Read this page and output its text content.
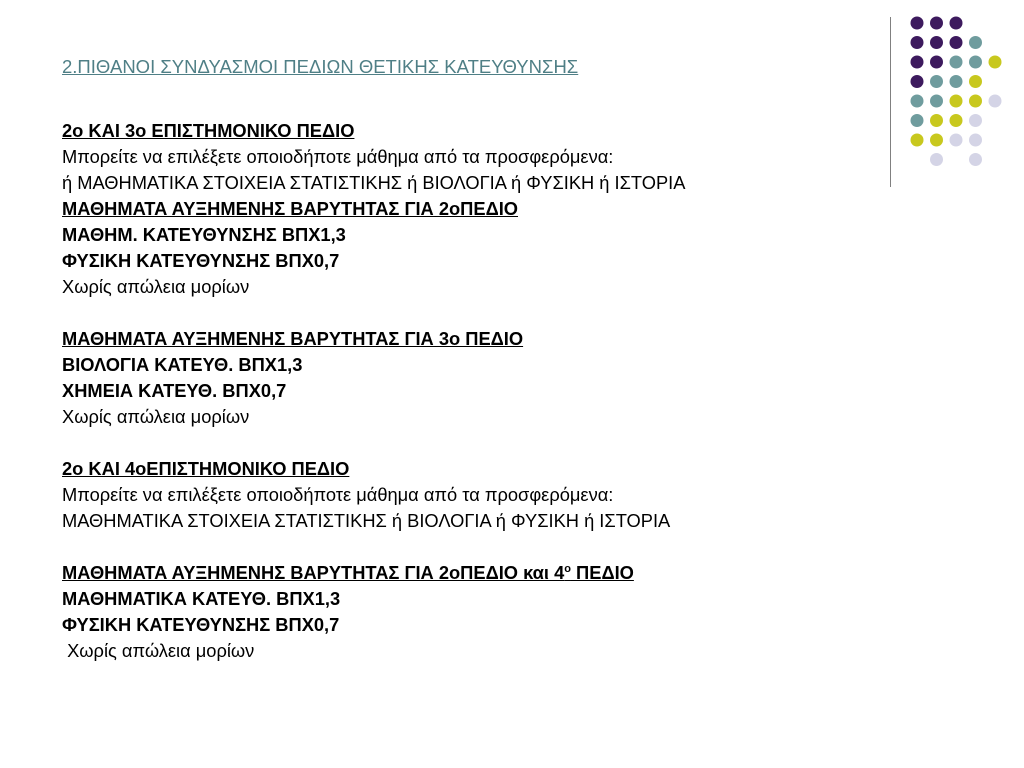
2.ΠΙΘΑΝΟΙ ΣΥΝΔΥΑΣΜΟΙ ΠΕΔΙΩΝ ΘΕΤΙΚΗΣ ΚΑΤΕΥΘΥΝΣΗΣ
2ο ΚΑΙ 3ο ΕΠΙΣΤΗΜΟΝΙΚΟ ΠΕΔΙΟ
Μπορείτε να επιλέξετε οποιοδήποτε μάθημα από τα προσφερόμενα:
ή ΜΑΘΗΜΑΤΙΚΑ ΣΤΟΙΧΕΙΑ ΣΤΑΤΙΣΤΙΚΗΣ ή ΒΙΟΛΟΓΙΑ ή ΦΥΣΙΚΗ ή ΙΣΤΟΡΙΑ
ΜΑΘΗΜΑΤΑ ΑΥΞΗΜΕΝΗΣ ΒΑΡΥΤΗΤΑΣ ΓΙΑ 2οΠΕΔΙΟ
ΜΑΘΗΜ. ΚΑΤΕΥΘΥΝΣΗΣ ΒΠΧ1,3
ΦΥΣΙΚΗ ΚΑΤΕΥΘΥΝΣΗΣ ΒΠΧ0,7
Χωρίς απώλεια μορίων
ΜΑΘΗΜΑΤΑ ΑΥΞΗΜΕΝΗΣ ΒΑΡΥΤΗΤΑΣ ΓΙΑ 3ο ΠΕΔΙΟ
ΒΙΟΛΟΓΙΑ ΚΑΤΕΥΘ. ΒΠΧ1,3
ΧΗΜΕΙΑ ΚΑΤΕΥΘ. ΒΠΧ0,7
Χωρίς απώλεια μορίων
2ο ΚΑΙ 4οΕΠΙΣΤΗΜΟΝΙΚΟ ΠΕΔΙΟ
Μπορείτε να επιλέξετε οποιοδήποτε μάθημα από τα προσφερόμενα:
ΜΑΘΗΜΑΤΙΚΑ ΣΤΟΙΧΕΙΑ ΣΤΑΤΙΣΤΙΚΗΣ ή ΒΙΟΛΟΓΙΑ ή ΦΥΣΙΚΗ ή ΙΣΤΟΡΙΑ
ΜΑΘΗΜΑΤΑ ΑΥΞΗΜΕΝΗΣ ΒΑΡΥΤΗΤΑΣ ΓΙΑ 2οΠΕΔΙΟ και $4^o$ ΠΕΔΙΟ
ΜΑΘΗΜΑΤΙΚΑ ΚΑΤΕΥΘ. ΒΠΧ1,3
ΦΥΣΙΚΗ ΚΑΤΕΥΘΥΝΣΗΣ ΒΠΧ0,7
Χωρίς απώλεια μορίων
